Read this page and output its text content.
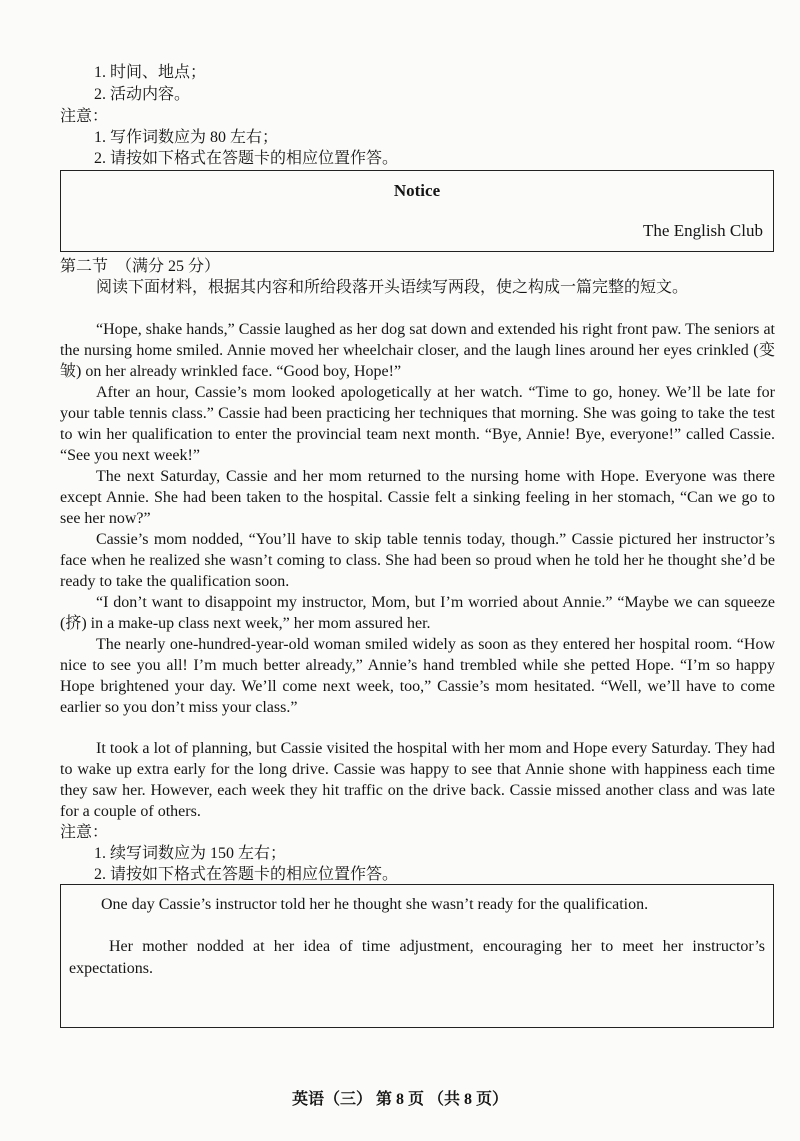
1. 时间、地点；
2. 活动内容。
注意：
1. 写作词数应为 80 左右；
2. 请按如下格式在答题卡的相应位置作答。
Notice
The English Club
第二节　（满分 25 分）
阅读下面材料，根据其内容和所给段落开头语续写两段，使之构成一篇完整的短文。
“Hope, shake hands,” Cassie laughed as her dog sat down and extended his right front paw. The seniors at the nursing home smiled. Annie moved her wheelchair closer, and the laugh lines around her eyes crinkled (变皱) on her already wrinkled face. “Good boy, Hope!”
After an hour, Cassie’s mom looked apologetically at her watch. “Time to go, honey. We’ll be late for your table tennis class.” Cassie had been practicing her techniques that morning. She was going to take the test to win her qualification to enter the provincial team next month. “Bye, Annie! Bye, everyone!” called Cassie. “See you next week!”
The next Saturday, Cassie and her mom returned to the nursing home with Hope. Everyone was there except Annie. She had been taken to the hospital. Cassie felt a sinking feeling in her stomach, “Can we go to see her now?”
Cassie’s mom nodded, “You’ll have to skip table tennis today, though.” Cassie pictured her instructor’s face when he realized she wasn’t coming to class. She had been so proud when he told her he thought she’d be ready to take the qualification soon.
“I don’t want to disappoint my instructor, Mom, but I’m worried about Annie.” “Maybe we can squeeze (挤) in a make-up class next week,” her mom assured her.
The nearly one-hundred-year-old woman smiled widely as soon as they entered her hospital room. “How nice to see you all! I’m much better already,” Annie’s hand trembled while she petted Hope. “I’m so happy Hope brightened your day. We’ll come next week, too,” Cassie’s mom hesitated. “Well, we’ll have to come earlier so you don’t miss your class.”
It took a lot of planning, but Cassie visited the hospital with her mom and Hope every Saturday. They had to wake up extra early for the long drive. Cassie was happy to see that Annie shone with happiness each time they saw her. However, each week they hit traffic on the drive back. Cassie missed another class and was late for a couple of others.
注意：
1. 续写词数应为 150 左右；
2. 请按如下格式在答题卡的相应位置作答。
One day Cassie’s instructor told her he thought she wasn’t ready for the qualification.
Her mother nodded at her idea of time adjustment, encouraging her to meet her instructor’s expectations.
英语（三） 第 8 页 （共 8 页）
